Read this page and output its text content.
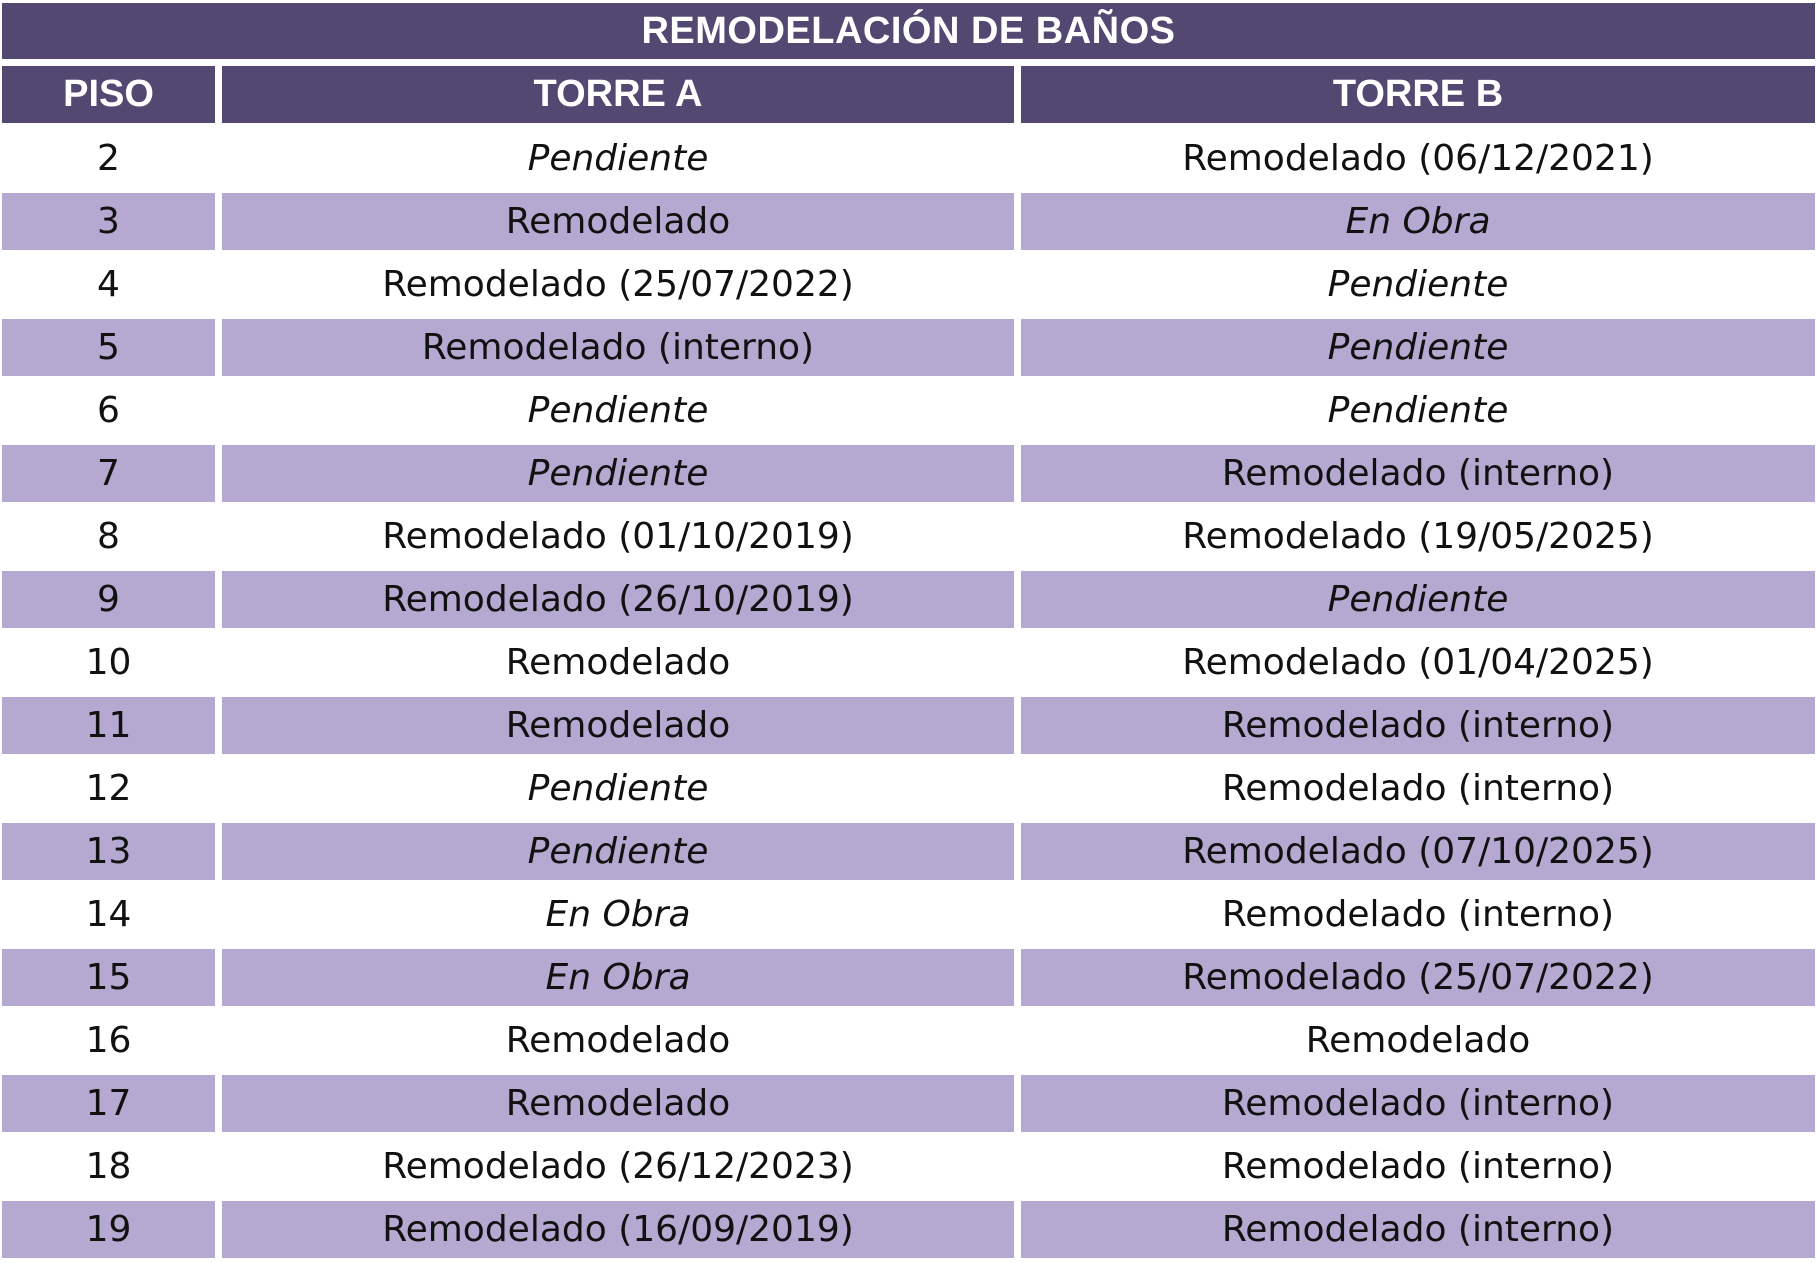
REMODELACIÓN DE BAÑOS
PISO	TORRE A	TORRE B
2	Pendiente	Remodelado (06/12/2021)
3	Remodelado	En Obra
4	Remodelado (25/07/2022)	Pendiente
5	Remodelado (interno)	Pendiente
6	Pendiente	Pendiente
7	Pendiente	Remodelado (interno)
8	Remodelado (01/10/2019)	Remodelado (19/05/2025)
9	Remodelado (26/10/2019)	Pendiente
10	Remodelado	Remodelado (01/04/2025)
11	Remodelado	Remodelado (interno)
12	Pendiente	Remodelado (interno)
13	Pendiente	Remodelado (07/10/2025)
14	En Obra	Remodelado (interno)
15	En Obra	Remodelado (25/07/2022)
16	Remodelado	Remodelado
17	Remodelado	Remodelado (interno)
18	Remodelado (26/12/2023)	Remodelado (interno)
19	Remodelado (16/09/2019)	Remodelado (interno)
